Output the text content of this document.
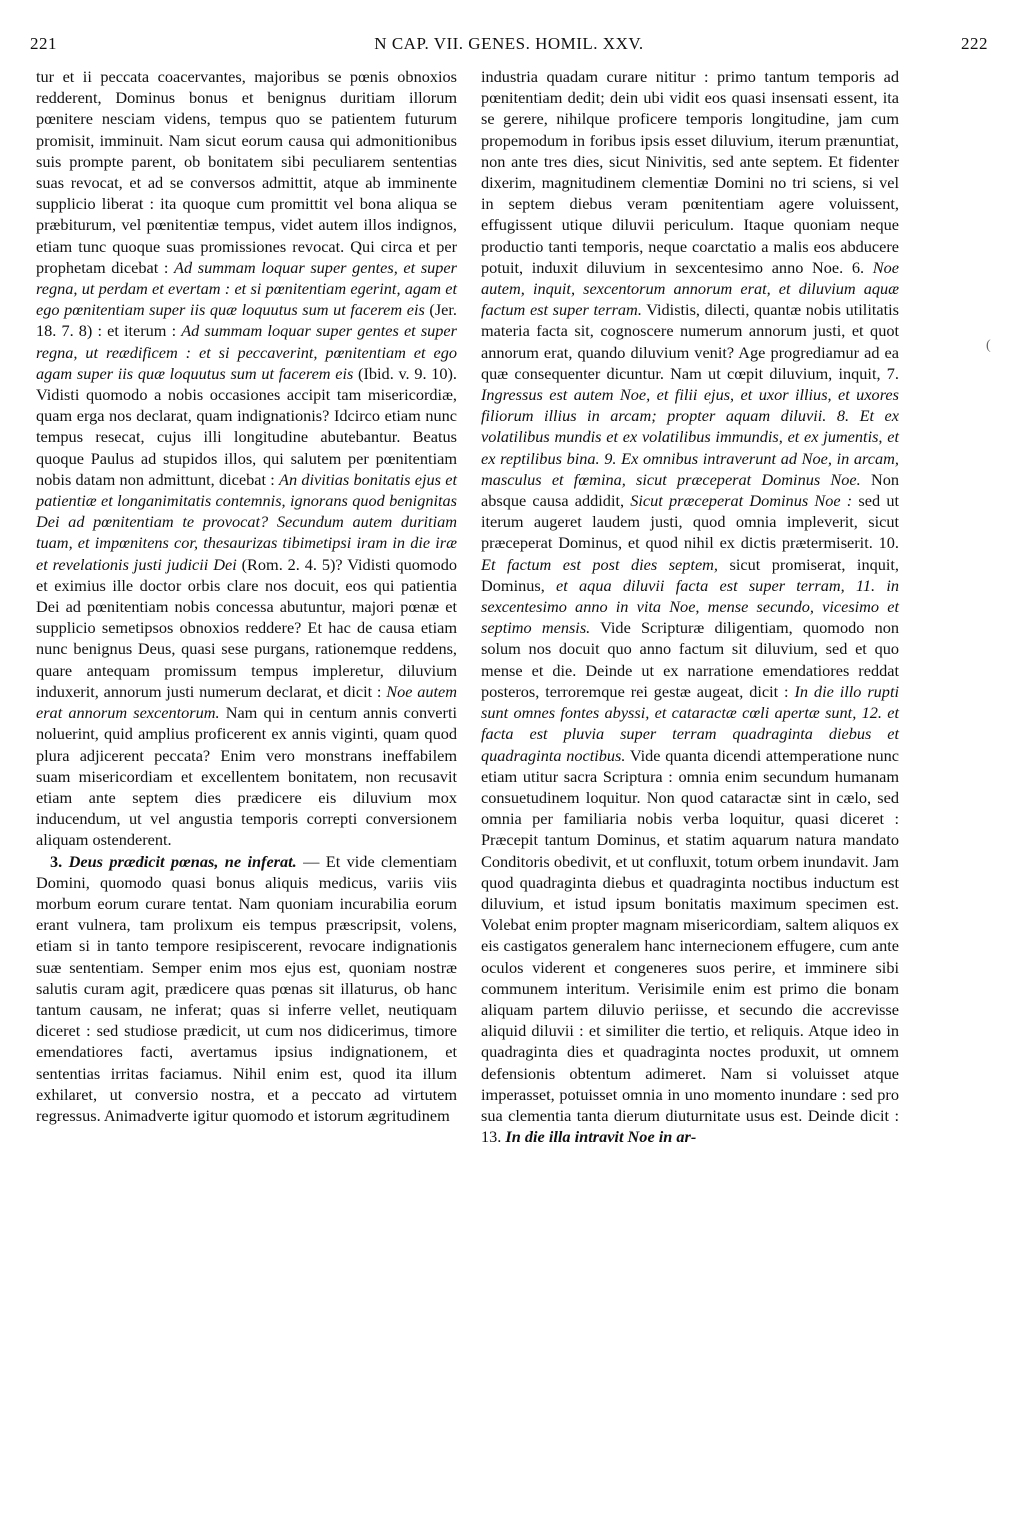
221	N CAP. VII. GENES. HOMIL. XXV.	222
(

tur et ii peccata coacervantes, majoribus se pœnis obnoxios redderent, Dominus bonus et benignus duritiam illorum pœnitere nesciam videns, tempus quo se patientem futurum promisit, imminuit. Nam sicut eorum causa qui admonitionibus suis prompte parent, ob bonitatem sibi peculiarem sententias suas revocat, et ad se conversos admittit, atque ab imminente supplicio liberat : ita quoque cum promittit vel bona aliqua se præbiturum, vel pœnitentiæ tempus, videt autem illos indignos, etiam tunc quoque suas promissiones revocat. Qui circa et per prophetam dicebat : Ad summam loquar super gentes, et super regna, ut perdam et evertam : et si pœnitentiam egerint, agam et ego pœnitentiam super iis quæ loquutus sum ut facerem eis (Jer. 18. 7. 8) : et iterum : Ad summam loquar super gentes et super regna, ut reædificem : et si peccaverint, pœnitentiam et ego agam super iis quæ loquutus sum ut facerem eis (Ibid. v. 9. 10). Vidisti quomodo a nobis occasiones accipit tam misericordiæ, quam erga nos declarat, quam indignationis? Idcirco etiam nunc tempus resecat, cujus illi longitudine abutebantur. Beatus quoque Paulus ad stupidos illos, qui salutem per pœnitentiam nobis datam non admittunt, dicebat : An divitias bonitatis ejus et patientiæ et longanimitatis contemnis, ignorans quod benignitas Dei ad pœnitentiam te provocat? Secundum autem duritiam tuam, et impœnitens cor, thesaurizas tibimetipsi iram in die iræ et revelationis justi judicii Dei (Rom. 2. 4. 5)? Vidisti quomodo et eximius ille doctor orbis clare nos docuit, eos qui patientia Dei ad pœnitentiam nobis concessa abutuntur, majori pœnæ et supplicio semetipsos obnoxios reddere? Et hac de causa etiam nunc benignus Deus, quasi sese purgans, rationemque reddens, quare antequam promissum tempus impleretur, diluvium induxerit, annorum justi numerum declarat, et dicit : Noe autem erat annorum sexcentorum. Nam qui in centum annis converti noluerint, quid amplius proficerent ex annis viginti, quam quod plura adjicerent peccata? Enim vero monstrans ineffabilem suam misericordiam et excellentem bonitatem, non recusavit etiam ante septem dies prædicere eis diluvium mox inducendum, ut vel angustia temporis correpti conversionem aliquam ostenderent.

3. Deus prædicit pœnas, ne inferat. — Et vide clementiam Domini, quomodo quasi bonus aliquis medicus, variis viis morbum eorum curare tentat. Nam quoniam incurabilia eorum erant vulnera, tam prolixum eis tempus præscripsit, volens, etiam si in tanto tempore resipiscerent, revocare indignationis suæ sententiam. Semper enim mos ejus est, quoniam nostræ salutis curam agit, prædicere quas pœnas sit illaturus, ob hanc tantum causam, ne inferat; quas si inferre vellet, neutiquam diceret : sed studiose prædicit, ut cum nos didicerimus, timore emendatiores facti, avertamus ipsius indignationem, et sententias irritas faciamus. Nihil enim est, quod ita illum exhilaret, ut conversio nostra, et a peccato ad virtutem regressus. Animadverte igitur quomodo et istorum ægritudinem

industria quadam curare nititur : primo tantum temporis ad pœnitentiam dedit; dein ubi vidit eos quasi insensati essent, ita se gerere, nihilque proficere temporis longitudine, jam cum propemodum in foribus ipsis esset diluvium, iterum prænuntiat, non ante tres dies, sicut Ninivitis, sed ante septem. Et fidenter dixerim, magnitudinem clementiæ Domini no tri sciens, si vel in septem diebus veram pœnitentiam agere voluissent, effugissent utique diluvii periculum. Itaque quoniam neque productio tanti temporis, neque coarctatio a malis eos abducere potuit, induxit diluvium in sexcentesimo anno Noe. 6. Noe autem, inquit, sexcentorum annorum erat, et diluvium aquæ factum est super terram. Vidistis, dilecti, quantæ nobis utilitatis materia facta sit, cognoscere numerum annorum justi, et quot annorum erat, quando diluvium venit? Age progrediamur ad ea quæ consequenter dicuntur. Nam ut cœpit diluvium, inquit, 7. Ingressus est autem Noe, et filii ejus, et uxor illius, et uxores filiorum illius in arcam; propter aquam diluvii. 8. Et ex volatilibus mundis et ex volatilibus immundis, et ex jumentis, et ex reptilibus bina. 9. Ex omnibus intraverunt ad Noe, in arcam, masculus et fœmina, sicut præceperat Dominus Noe. Non absque causa addidit, Sicut præceperat Dominus Noe : sed ut iterum augeret laudem justi, quod omnia impleverit, sicut præceperat Dominus, et quod nihil ex dictis prætermiserit. 10. Et factum est post dies septem, sicut promiserat, inquit, Dominus, et aqua diluvii facta est super terram, 11. in sexcentesimo anno in vita Noe, mense secundo, vicesimo et septimo mensis. Vide Scripturæ diligentiam, quomodo non solum nos docuit quo anno factum sit diluvium, sed et quo mense et die. Deinde ut ex narratione emendatiores reddat posteros, terroremque rei gestæ augeat, dicit : In die illo rupti sunt omnes fontes abyssi, et cataractæ cœli apertæ sunt, 12. et facta est pluvia super terram quadraginta diebus et quadraginta noctibus. Vide quanta dicendi attemperatione nunc etiam utitur sacra Scriptura : omnia enim secundum humanam consuetudinem loquitur. Non quod cataractæ sint in cælo, sed omnia per familiaria nobis verba loquitur, quasi diceret : Præcepit tantum Dominus, et statim aquarum natura mandato Conditoris obedivit, et ut confluxit, totum orbem inundavit. Jam quod quadraginta diebus et quadraginta noctibus inductum est diluvium, et istud ipsum bonitatis maximum specimen est. Volebat enim propter magnam misericordiam, saltem aliquos ex eis castigatos generalem hanc internecionem effugere, cum ante oculos viderent et congeneres suos perire, et imminere sibi communem interitum. Verisimile enim est primo die bonam aliquam partem diluvio periisse, et secundo die accrevisse aliquid diluvii : et similiter die tertio, et reliquis. Atque ideo in quadraginta dies et quadraginta noctes produxit, ut omnem defensionis obtentum adimeret. Nam si voluisset atque imperasset, potuisset omnia in uno momento inundare : sed pro sua clementia tanta dierum diuturnitate usus est. Deinde dicit : 13. In die illa intravit Noe in ar-
